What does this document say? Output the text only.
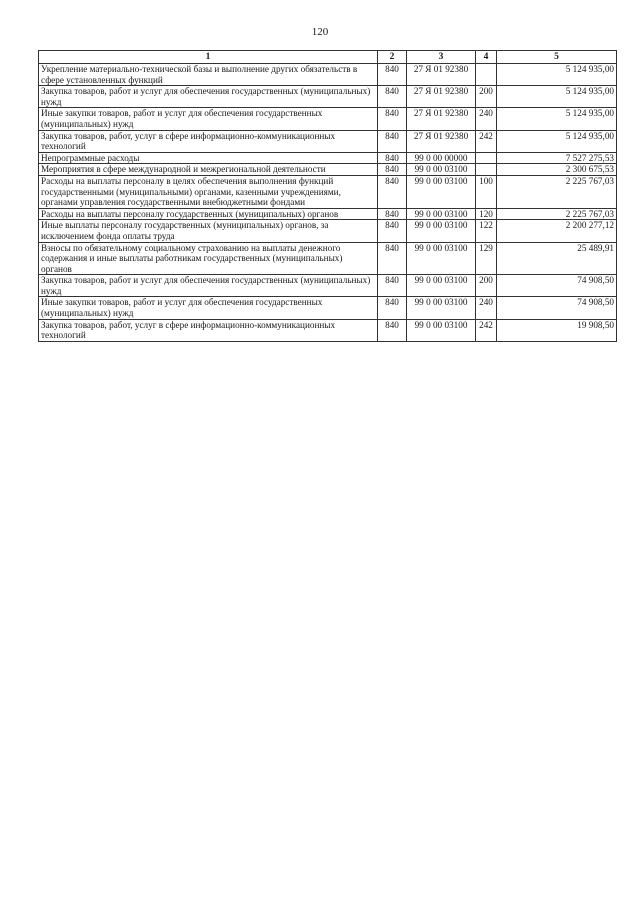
120
1	2	3	4	5
Укрепление материально-технической базы и выполнение других обязательств в сфере установленных функций	840	27 Я 01 92380		5 124 935,00
Закупка товаров, работ и услуг для обеспечения государственных (муниципальных) нужд	840	27 Я 01 92380	200	5 124 935,00
Иные закупки товаров, работ и услуг для обеспечения государственных (муниципальных) нужд	840	27 Я 01 92380	240	5 124 935,00
Закупка товаров, работ, услуг в сфере информационно-коммуникационных технологий	840	27 Я 01 92380	242	5 124 935,00
Непрограммные расходы	840	99 0 00 00000		7 527 275,53
Мероприятия в сфере международной и межрегиональной деятельности	840	99 0 00 03100		2 300 675,53
Расходы на выплаты персоналу в целях обеспечения выполнения функций государственными (муниципальными) органами, казенными учреждениями, органами управления государственными внебюджетными фондами	840	99 0 00 03100	100	2 225 767,03
Расходы на выплаты персоналу государственных (муниципальных) органов	840	99 0 00 03100	120	2 225 767,03
Иные выплаты персоналу государственных (муниципальных) органов, за исключением фонда оплаты труда	840	99 0 00 03100	122	2 200 277,12
Взносы по обязательному социальному страхованию на выплаты денежного содержания и иные выплаты работникам государственных (муниципальных) органов	840	99 0 00 03100	129	25 489,91
Закупка товаров, работ и услуг для обеспечения государственных (муниципальных) нужд	840	99 0 00 03100	200	74 908,50
Иные закупки товаров, работ и услуг для обеспечения государственных (муниципальных) нужд	840	99 0 00 03100	240	74 908,50
Закупка товаров, работ, услуг в сфере информационно-коммуникационных технологий	840	99 0 00 03100	242	19 908,50
